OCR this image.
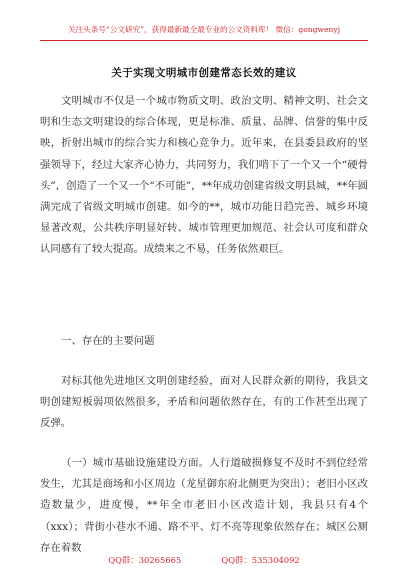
关注头条号“公文研究”，获得最新最全最专业的公文资料库！ 微信：gongwenyj
关于实现文明城市创建常态长效的建议
文明城市不仅是一个城市物质文明、政治文明、精神文明、社会文明和生态文明建设的综合体现，更是标准、质量、品牌、信誉的集中反映，折射出城市的综合实力和核心竞争力。近年来，在县委县政府的坚强领导下，经过大家齐心协力，共同努力，我们啃下了一个又一个“硬骨头”，创造了一个又一个“不可能”，**年成功创建省级文明县城，**年圆满完成了省级文明城市创建。如今的**，城市功能日趋完善、城乡环境显著改观，公共秩序明显好转、城市管理更加规范、社会认可度和群众认同感有了较大提高。成绩来之不易，任务依然艰巨。
一、存在的主要问题
对标其他先进地区文明创建经验，面对人民群众新的期待，我县文明创建短板弱项依然很多，矛盾和问题依然存在，有的工作甚至出现了反弹。
（一）城市基础设施建设方面。人行道破损修复不及时不到位经常发生，尤其是商场和小区周边（龙星御东府北侧更为突出）；老旧小区改造数量少，进度慢，**年全市老旧小区改造计划，我县只有4个（xxx）；背街小巷水不通、路不平、灯不亮等现象依然存在；城区公厕存在着数
QQ群：30265665	QQ群：535304092
